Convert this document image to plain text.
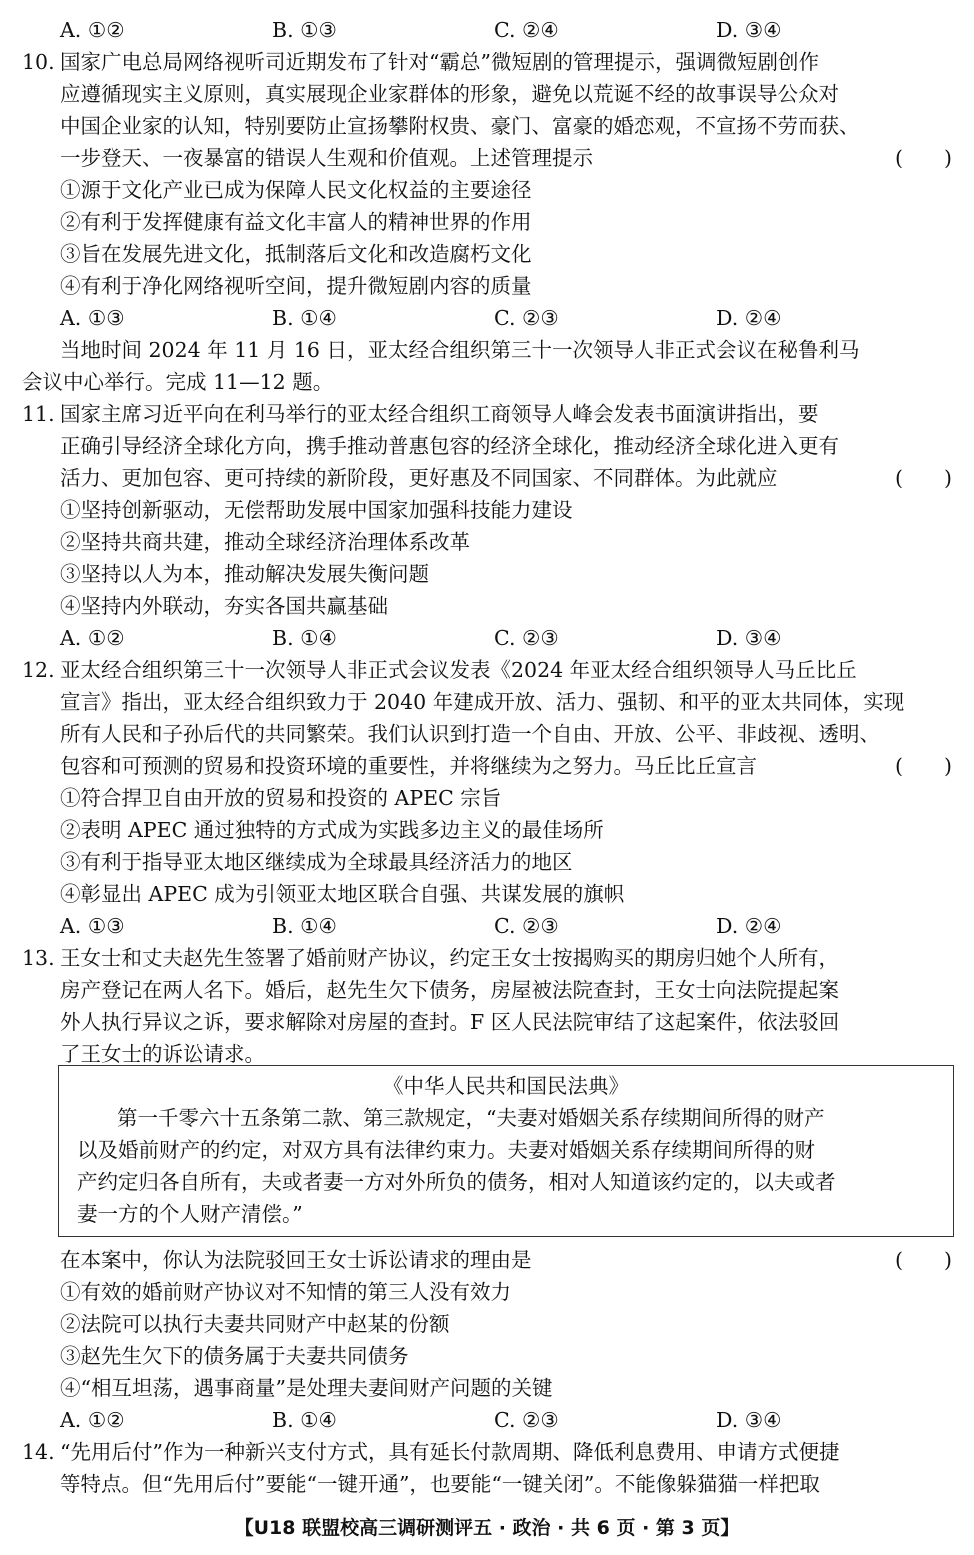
A. ①②	B. ①③	C. ②④	D. ③④
10. 国家广电总局网络视听司近期发布了针对“霸总”微短剧的管理提示，强调微短剧创作
应遵循现实主义原则，真实展现企业家群体的形象，避免以荒诞不经的故事误导公众对
中国企业家的认知，特别要防止宣扬攀附权贵、豪门、富豪的婚恋观，不宣扬不劳而获、
一步登天、一夜暴富的错误人生观和价值观。上述管理提示	(　　)
①源于文化产业已成为保障人民文化权益的主要途径
②有利于发挥健康有益文化丰富人的精神世界的作用
③旨在发展先进文化，抵制落后文化和改造腐朽文化
④有利于净化网络视听空间，提升微短剧内容的质量
A. ①③	B. ①④	C. ②③	D. ②④
当地时间 2024 年 11 月 16 日，亚太经合组织第三十一次领导人非正式会议在秘鲁利马
会议中心举行。完成 11—12 题。
11. 国家主席习近平向在利马举行的亚太经合组织工商领导人峰会发表书面演讲指出，要
正确引导经济全球化方向，携手推动普惠包容的经济全球化，推动经济全球化进入更有
活力、更加包容、更可持续的新阶段，更好惠及不同国家、不同群体。为此就应	(　　)
①坚持创新驱动，无偿帮助发展中国家加强科技能力建设
②坚持共商共建，推动全球经济治理体系改革
③坚持以人为本，推动解决发展失衡问题
④坚持内外联动，夯实各国共赢基础
A. ①②	B. ①④	C. ②③	D. ③④
12. 亚太经合组织第三十一次领导人非正式会议发表《2024 年亚太经合组织领导人马丘比丘
宣言》指出，亚太经合组织致力于 2040 年建成开放、活力、强韧、和平的亚太共同体，实现
所有人民和子孙后代的共同繁荣。我们认识到打造一个自由、开放、公平、非歧视、透明、
包容和可预测的贸易和投资环境的重要性，并将继续为之努力。马丘比丘宣言	(　　)
①符合捍卫自由开放的贸易和投资的 APEC 宗旨
②表明 APEC 通过独特的方式成为实践多边主义的最佳场所
③有利于指导亚太地区继续成为全球最具经济活力的地区
④彰显出 APEC 成为引领亚太地区联合自强、共谋发展的旗帜
A. ①③	B. ①④	C. ②③	D. ②④
13. 王女士和丈夫赵先生签署了婚前财产协议，约定王女士按揭购买的期房归她个人所有，
房产登记在两人名下。婚后，赵先生欠下债务，房屋被法院查封，王女士向法院提起案
外人执行异议之诉，要求解除对房屋的查封。F 区人民法院审结了这起案件，依法驳回
了王女士的诉讼请求。
《中华人民共和国民法典》
第一千零六十五条第二款、第三款规定，“夫妻对婚姻关系存续期间所得的财产
以及婚前财产的约定，对双方具有法律约束力。夫妻对婚姻关系存续期间所得的财
产约定归各自所有，夫或者妻一方对外所负的债务，相对人知道该约定的，以夫或者
妻一方的个人财产清偿。”
在本案中，你认为法院驳回王女士诉讼请求的理由是	(　　)
①有效的婚前财产协议对不知情的第三人没有效力
②法院可以执行夫妻共同财产中赵某的份额
③赵先生欠下的债务属于夫妻共同债务
④“相互坦荡，遇事商量”是处理夫妻间财产问题的关键
A. ①②	B. ①④	C. ②③	D. ③④
14. “先用后付”作为一种新兴支付方式，具有延长付款周期、降低利息费用、申请方式便捷
等特点。但“先用后付”要能“一键开通”，也要能“一键关闭”。不能像躲猫猫一样把取
【U18 联盟校高三调研测评五 · 政治 · 共 6 页 · 第 3 页】
